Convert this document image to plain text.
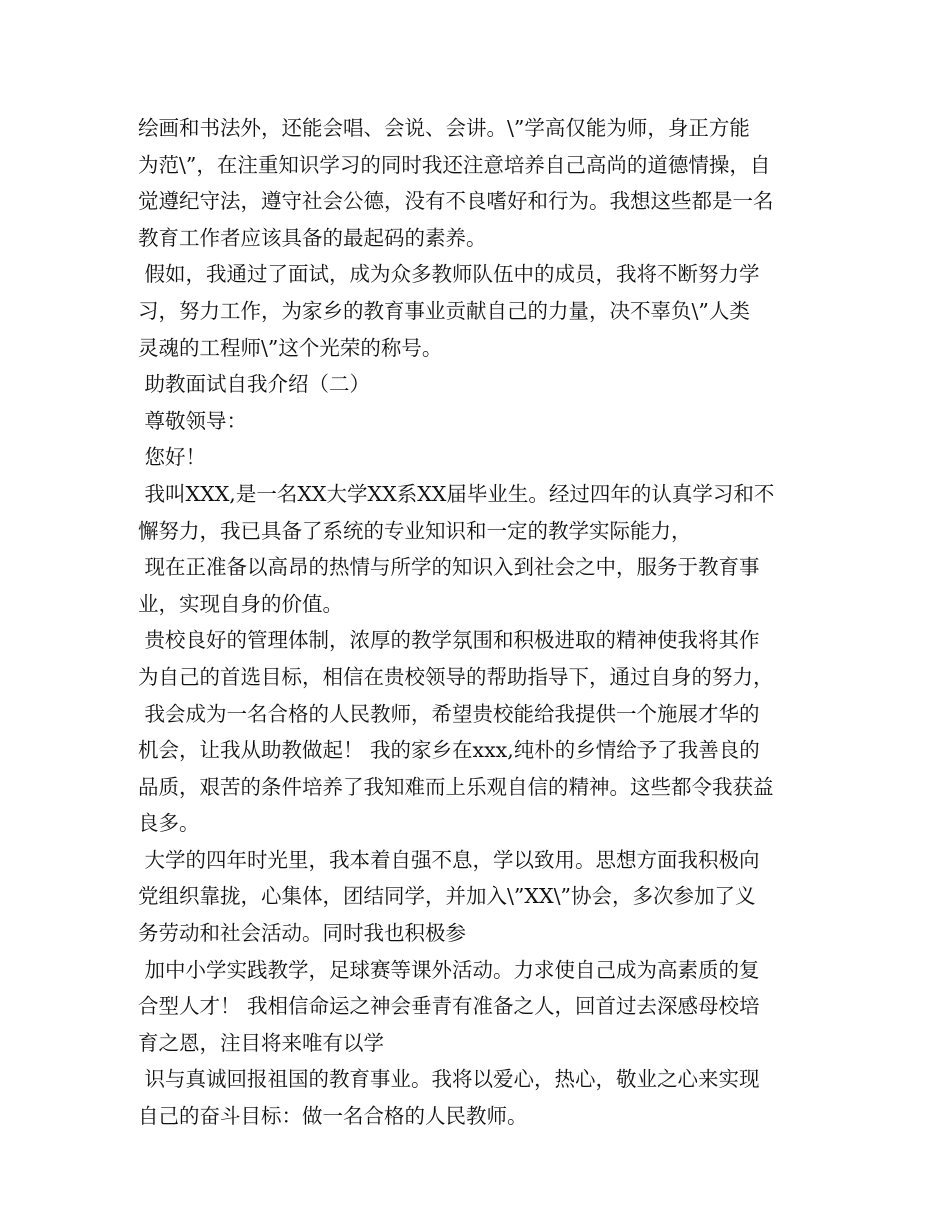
绘画和书法外，还能会唱、会说、会讲。\”学高仅能为师，身正方能
为范\”，在注重知识学习的同时我还注意培养自己高尚的道德情操，自
觉遵纪守法，遵守社会公德，没有不良嗜好和行为。我想这些都是一名
教育工作者应该具备的最起码的素养。
假如，我通过了面试，成为众多教师队伍中的成员，我将不断努力学
习，努力工作，为家乡的教育事业贡献自己的力量，决不辜负\”人类
灵魂的工程师\”这个光荣的称号。
助教面试自我介绍（二）
尊敬领导：
您好！
我叫XXX,是一名XX大学XX系XX届毕业生。经过四年的认真学习和不
懈努力，我已具备了系统的专业知识和一定的教学实际能力，
现在正准备以高昂的热情与所学的知识入到社会之中，服务于教育事
业，实现自身的价值。
贵校良好的管理体制，浓厚的教学氛围和积极进取的精神使我将其作
为自己的首选目标，相信在贵校领导的帮助指导下，通过自身的努力，
我会成为一名合格的人民教师，希望贵校能给我提供一个施展才华的
机会，让我从助教做起！ 我的家乡在xxx,纯朴的乡情给予了我善良的
品质，艰苦的条件培养了我知难而上乐观自信的精神。这些都令我获益
良多。
大学的四年时光里，我本着自强不息，学以致用。思想方面我积极向
党组织靠拢，心集体，团结同学，并加入\”XX\”协会，多次参加了义
务劳动和社会活动。同时我也积极参
加中小学实践教学，足球赛等课外活动。力求使自己成为高素质的复
合型人才！ 我相信命运之神会垂青有准备之人，回首过去深感母校培
育之恩，注目将来唯有以学
识与真诚回报祖国的教育事业。我将以爱心，热心，敬业之心来实现
自己的奋斗目标：做一名合格的人民教师。
